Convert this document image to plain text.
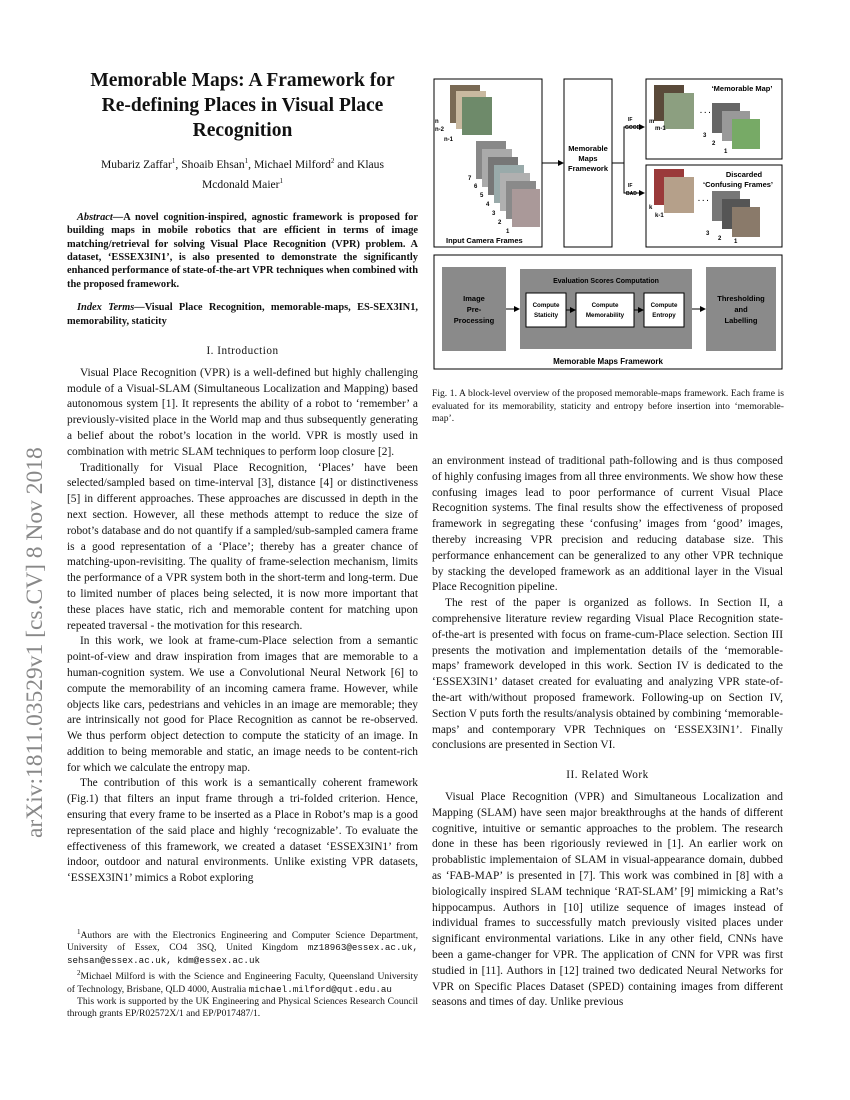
arXiv:1811.03529v1 [cs.CV] 8 Nov 2018
Memorable Maps: A Framework for
Re-defining Places in Visual Place
Recognition
Mubariz Zaffar$^1$, Shoaib Ehsan$^1$, Michael Milford$^2$ and Klaus
Mcdonald Maier$^1$

Abstract—A novel cognition-inspired, agnostic framework is proposed for building maps in mobile robotics that are efficient in terms of image matching/retrieval for solving Visual Place Recognition (VPR) problem. A dataset, ‘ESSEX3IN1’, is also presented to demonstrate the significantly enhanced performance of state-of-the-art VPR techniques when combined with the proposed framework.

Index Terms—Visual Place Recognition, memorable-maps, ES-SEX3IN1, memorability, staticity

I. Introduction

Visual Place Recognition (VPR) is a well-defined but highly challenging module of a Visual-SLAM (Simultaneous Localization and Mapping) based autonomous system [1]. It represents the ability of a robot to ‘remember’ a previously-visited place in the World map and thus subsequently generating a belief about the robot’s location in the world. VPR is mostly used in combination with metric SLAM techniques to perform loop closure [2].

Traditionally for Visual Place Recognition, ‘Places’ have been selected/sampled based on time-interval [3], distance [4] or distinctiveness [5] in different approaches. These approaches are discussed in depth in the next section. However, all these methods attempt to reduce the size of robot’s database and do not quantify if a sampled/sub-sampled camera frame is a good representation of a ‘Place’; thereby has a greater chance of matching-upon-revisiting. The quality of frame-selection mechanism, limits the performance of a VPR system both in the short-term and long-term. Due to limited number of places being selected, it is now more important that these places have static, rich and memorable content for matching upon repeated traversal - the motivation for this research.

In this work, we look at frame-cum-Place selection from a semantic point-of-view and draw inspiration from images that are memorable to a human-cognition system. We use a Convolutional Neural Network [6] to compute the memorability of an incoming camera frame. However, while objects like cars, pedestrians and vehicles in an image are memorable; they are intrinsically not good for Place Recognition as cannot be re-observed. We thus perform object detection to compute the staticity of an image. In addition to being memorable and static, an image needs to be content-rich for which we calculate the entropy map.

The contribution of this work is a semantically coherent framework (Fig.1) that filters an input frame through a tri-folded criterion. Hence, ensuring that every frame to be inserted as a Place in Robot’s map is a good representation of the said place and highly ‘recognizable’. To evaluate the effectiveness of this framework, we created a dataset ‘ESSEX3IN1’ from indoor, outdoor and natural environments. Unlike existing VPR datasets, ‘ESSEX3IN1’ mimics a Robot exploring

$^1$Authors are with the Electronics Engineering and Computer Science Department, University of Essex, CO4 3SQ, United Kingdom mz18963@essex.ac.uk, sehsan@essex.ac.uk, kdm@essex.ac.uk

$^2$Michael Milford is with the Science and Engineering Faculty, Queensland University of Technology, Brisbane, QLD 4000, Australia michael.milford@qut.edu.au

This work is supported by the UK Engineering and Physical Sciences Research Council through grants EP/R02572X/1 and EP/P017487/1.

n
n-2
n-1
7
6
5
4
3
2
1
Input Camera Frames
Memorable
Maps
Framework
IF
GOOD
IF
BAD
‘Memorable Map’
m
m-1
3
2
1
· · ·
Discarded
‘Confusing Frames’
k
k-1
3
2 1
· · ·
Image
Pre-
Processing
Evaluation Scores Computation
Compute
Staticity
Compute
Memorability
Compute
Entropy
Thresholding
and
Labelling
Memorable Maps Framework
Fig. 1. A block-level overview of the proposed memorable-maps framework. Each frame is evaluated for its memorability, staticity and entropy before insertion into ‘memorable-map’.

an environment instead of traditional path-following and is thus composed of highly confusing images from all three environments. We show how these confusing images lead to poor performance of current Visual Place Recognition systems. The final results show the effectiveness of proposed framework in segregating these ‘confusing’ images from ‘good’ images, thereby increasing VPR precision and reducing database size. This performance enhancement can be generalized to any other VPR technique by stacking the developed framework as an additional layer in the Visual Place Recognition pipeline.

The rest of the paper is organized as follows. In Section II, a comprehensive literature review regarding Visual Place Recognition state-of-the-art is presented with focus on frame-cum-Place selection. Section III presents the motivation and implementation details of the ‘memorable-maps’ framework developed in this work. Section IV is dedicated to the ‘ESSEX3IN1’ dataset created for evaluating and analyzing VPR state-of-the-art with/without proposed framework. Following-up on Section IV, Section V puts forth the results/analysis obtained by combining ‘memorable-maps’ and contemporary VPR Techniques on ‘ESSEX3IN1’. Finally conclusions are presented in Section VI.

II. Related Work

Visual Place Recognition (VPR) and Simultaneous Localization and Mapping (SLAM) have seen major breakthroughs at the hands of different cognitive, intuitive or semantic approaches to the problem. The research done in these has been rigoriously reviewed in [1]. An earlier work on probablistic implementaion of SLAM in visual-appearance domain, dubbed as ‘FAB-MAP’ is presented in [7]. This work was combined in [8] with a biologically inspired SLAM technique ‘RAT-SLAM’ [9] mimicking a Rat’s hippocampus. Authors in [10] utilize sequence of images instead of individual frames to successfully match previously visited places under significant environmental variations. Like in any other field, CNNs have been a game-changer for VPR. The application of CNN for VPR was first studied in [11]. Authors in [12] trained two dedicated Neural Networks for VPR on Specific Places Dataset (SPED) containing images from different seasons and times of day. Unlike previous
